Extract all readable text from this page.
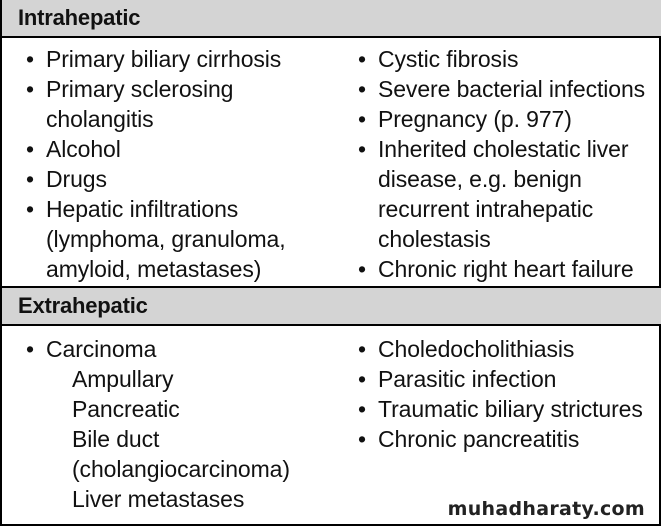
Intrahepatic
• Primary biliary cirrhosis
• Primary sclerosing
cholangitis
• Alcohol
• Drugs
• Hepatic infiltrations
(lymphoma, granuloma,
amyloid, metastases)
• Cystic fibrosis
• Severe bacterial infections
• Pregnancy (p. 977)
• Inherited cholestatic liver
disease, e.g. benign
recurrent intrahepatic
cholestasis
• Chronic right heart failure
Extrahepatic
• Carcinoma
Ampullary
Pancreatic
Bile duct
(cholangiocarcinoma)
Liver metastases
• Choledocholithiasis
• Parasitic infection
• Traumatic biliary strictures
• Chronic pancreatitis
muhadharaty.com
